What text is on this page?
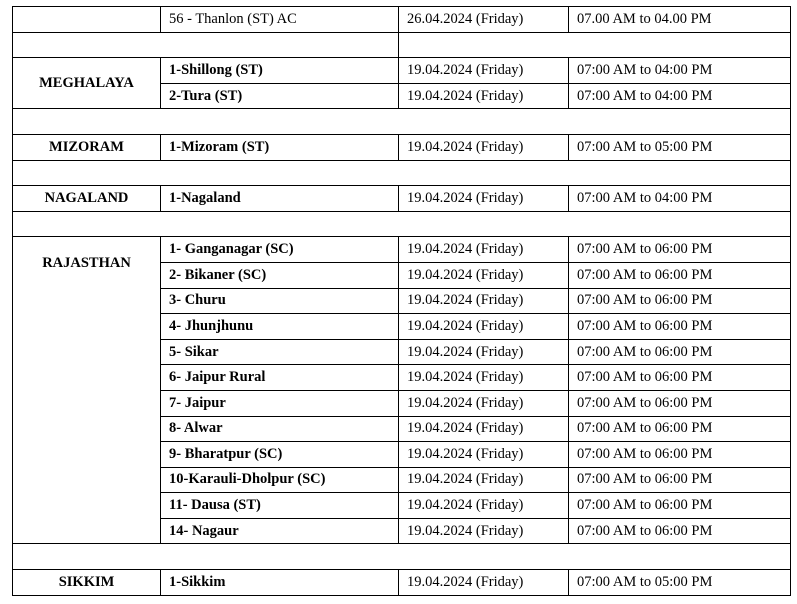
	56 - Thanlon (ST) AC	26.04.2024 (Friday)	07.00 AM to 04.00 PM

MEGHALAYA	1-Shillong (ST)	19.04.2024 (Friday)	07:00 AM to 04:00 PM
	2-Tura (ST)	19.04.2024 (Friday)	07:00 AM to 04:00 PM

MIZORAM	1-Mizoram (ST)	19.04.2024 (Friday)	07:00 AM to 05:00 PM

NAGALAND	1-Nagaland	19.04.2024 (Friday)	07:00 AM to 04:00 PM

RAJASTHAN	1- Ganganagar (SC)	19.04.2024 (Friday)	07:00 AM to 06:00 PM
	2- Bikaner (SC)	19.04.2024 (Friday)	07:00 AM to 06:00 PM
	3- Churu	19.04.2024 (Friday)	07:00 AM to 06:00 PM
	4- Jhunjhunu	19.04.2024 (Friday)	07:00 AM to 06:00 PM
	5- Sikar	19.04.2024 (Friday)	07:00 AM to 06:00 PM
	6- Jaipur Rural	19.04.2024 (Friday)	07:00 AM to 06:00 PM
	7- Jaipur	19.04.2024 (Friday)	07:00 AM to 06:00 PM
	8- Alwar	19.04.2024 (Friday)	07:00 AM to 06:00 PM
	9- Bharatpur (SC)	19.04.2024 (Friday)	07:00 AM to 06:00 PM
	10-Karauli-Dholpur (SC)	19.04.2024 (Friday)	07:00 AM to 06:00 PM
	11- Dausa (ST)	19.04.2024 (Friday)	07:00 AM to 06:00 PM
	14- Nagaur	19.04.2024 (Friday)	07:00 AM to 06:00 PM

SIKKIM	1-Sikkim	19.04.2024 (Friday)	07:00 AM to 05:00 PM
